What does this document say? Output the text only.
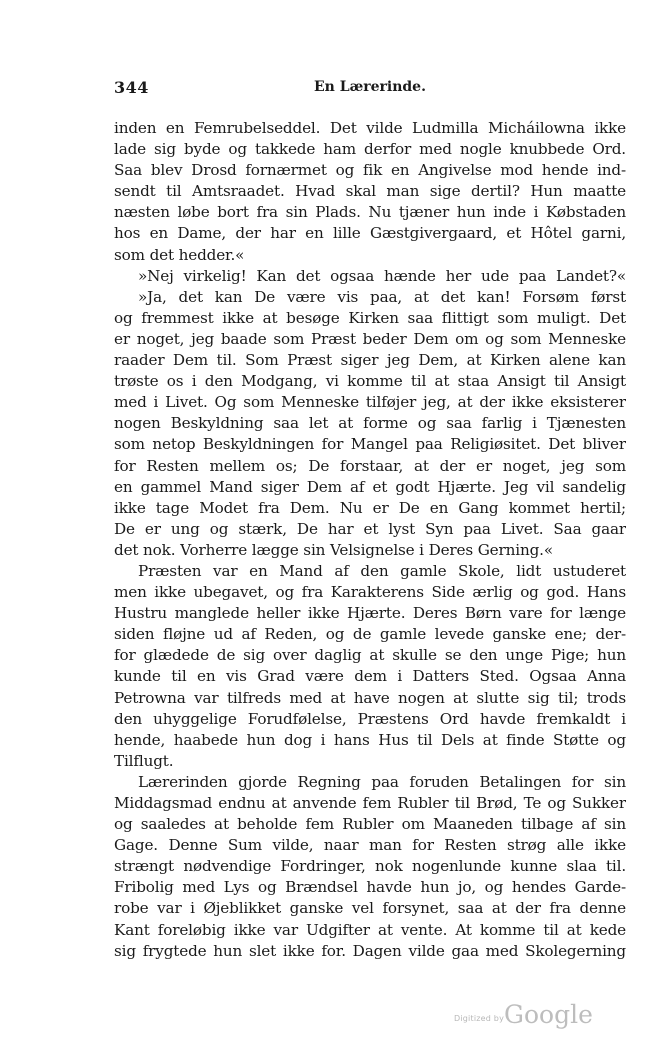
344	En Lærerinde.
inden en Femrubelseddel. Det vilde Ludmilla Micháilowna ikke
lade sig byde og takkede ham derfor med nogle knubbede Ord.
Saa blev Drosd fornærmet og fik en Angivelse mod hende ind-
sendt til Amtsraadet. Hvad skal man sige dertil? Hun maatte
næsten løbe bort fra sin Plads. Nu tjæner hun inde i Købstaden
hos en Dame, der har en lille Gæstgivergaard, et Hôtel garni,
som det hedder.«
»Nej virkelig! Kan det ogsaa hænde her ude paa Landet?«
»Ja, det kan De være vis paa, at det kan! Forsøm først
og fremmest ikke at besøge Kirken saa flittigt som muligt. Det
er noget, jeg baade som Præst beder Dem om og som Menneske
raader Dem til. Som Præst siger jeg Dem, at Kirken alene kan
trøste os i den Modgang, vi komme til at staa Ansigt til Ansigt
med i Livet. Og som Menneske tilføjer jeg, at der ikke eksisterer
nogen Beskyldning saa let at forme og saa farlig i Tjænesten
som netop Beskyldningen for Mangel paa Religiøsitet. Det bliver
for Resten mellem os; De forstaar, at der er noget, jeg som
en gammel Mand siger Dem af et godt Hjærte. Jeg vil sandelig
ikke tage Modet fra Dem. Nu er De en Gang kommet hertil;
De er ung og stærk, De har et lyst Syn paa Livet. Saa gaar
det nok. Vorherre lægge sin Velsignelse i Deres Gerning.«
Præsten var en Mand af den gamle Skole, lidt ustuderet
men ikke ubegavet, og fra Karakterens Side ærlig og god. Hans
Hustru manglede heller ikke Hjærte. Deres Børn vare for længe
siden fløjne ud af Reden, og de gamle levede ganske ene; der-
for glædede de sig over daglig at skulle se den unge Pige; hun
kunde til en vis Grad være dem i Datters Sted. Ogsaa Anna
Petrowna var tilfreds med at have nogen at slutte sig til; trods
den uhyggelige Forudfølelse, Præstens Ord havde fremkaldt i
hende, haabede hun dog i hans Hus til Dels at finde Støtte og
Tilflugt.
Lærerinden gjorde Regning paa foruden Betalingen for sin
Middagsmad endnu at anvende fem Rubler til Brød, Te og Sukker
og saaledes at beholde fem Rubler om Maaneden tilbage af sin
Gage. Denne Sum vilde, naar man for Resten strøg alle ikke
strængt nødvendige Fordringer, nok nogenlunde kunne slaa til.
Fribolig med Lys og Brændsel havde hun jo, og hendes Garde-
robe var i Øjeblikket ganske vel forsynet, saa at der fra denne
Kant foreløbig ikke var Udgifter at vente. At komme til at kede
sig frygtede hun slet ikke for. Dagen vilde gaa med Skolegerning
Digitized by Google
